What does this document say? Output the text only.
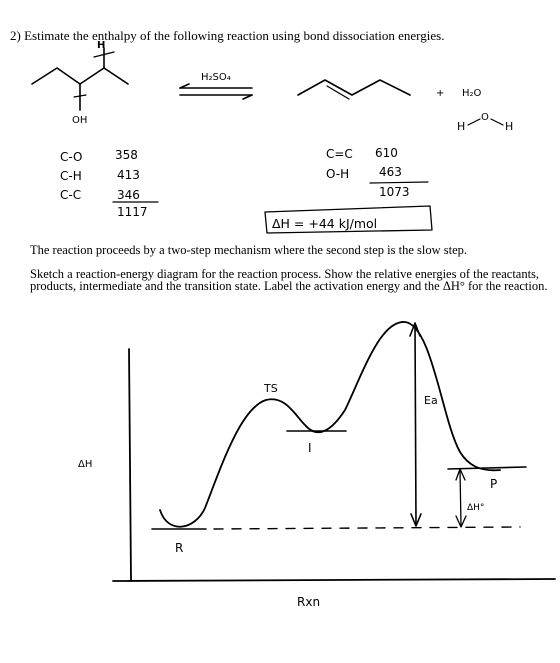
2) Estimate the enthalpy of the following reaction using bond dissociation energies.
H
OH
H₂SO₄
+ H₂O
H
O
H
C-O	358
C-H	413
C-C	346
1117
C=C 610
O-H 463
1073
ΔH = +44 kJ/mol
ΔH
Rxn
TS
I
Ea
P
ΔH°
R
The reaction proceeds by a two-step mechanism where the second step is the slow step.
Sketch a reaction-energy diagram for the reaction process. Show the relative energies of the reactants, products, intermediate and the transition state. Label the activation energy and the ΔH° for the reaction.
